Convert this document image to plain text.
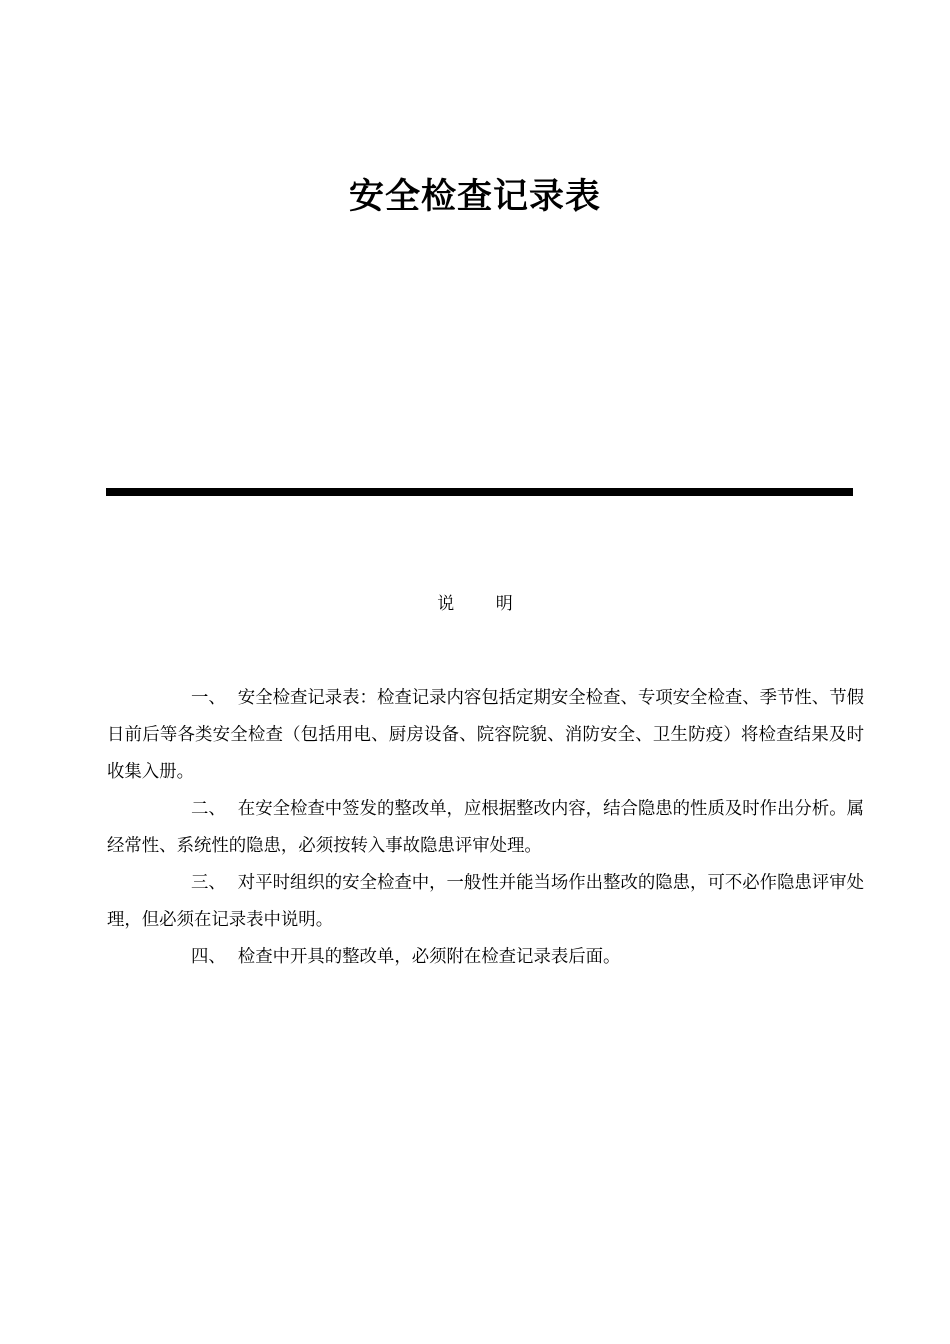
安全检查记录表
说 明

一、 安全检查记录表：检查记录内容包括定期安全检查、专项安全检查、季节性、节假日前后等各类安全检查（包括用电、厨房设备、院容院貌、消防安全、卫生防疫）将检查结果及时收集入册。

二、 在安全检查中签发的整改单，应根据整改内容，结合隐患的性质及时作出分析。属经常性、系统性的隐患，必须按转入事故隐患评审处理。

三、 对平时组织的安全检查中，一般性并能当场作出整改的隐患，可不必作隐患评审处理，但必须在记录表中说明。

四、 检查中开具的整改单，必须附在检查记录表后面。
